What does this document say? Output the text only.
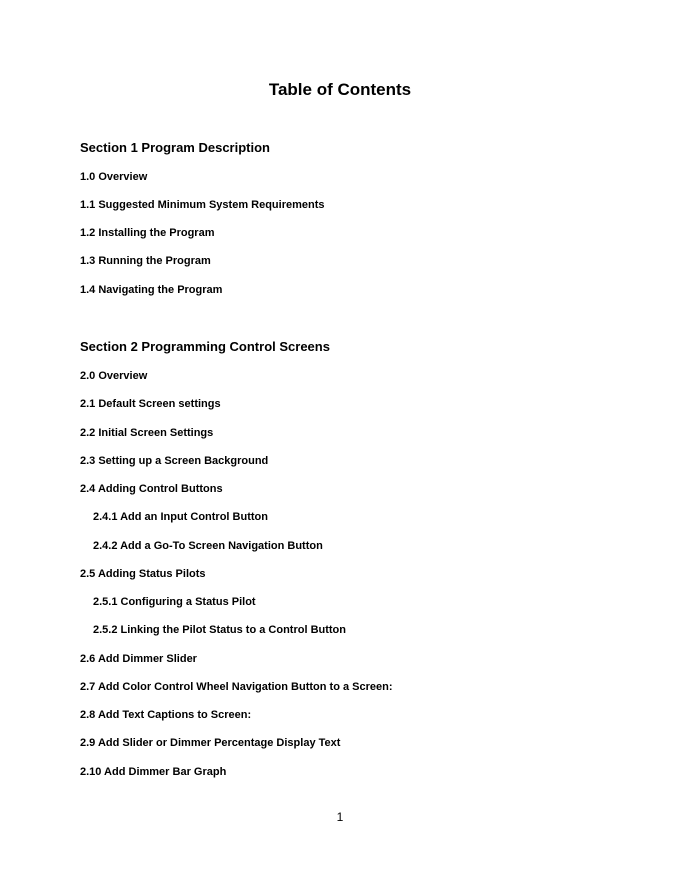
Table of Contents
Section 1 Program Description
1.0 Overview
1.1 Suggested Minimum System Requirements
1.2 Installing the Program
1.3 Running the Program
1.4 Navigating the Program
Section 2 Programming Control Screens
2.0 Overview
2.1 Default Screen settings
2.2 Initial Screen Settings
2.3 Setting up a Screen Background
2.4 Adding Control Buttons
2.4.1 Add an Input Control Button
2.4.2 Add a Go-To Screen Navigation Button
2.5 Adding Status Pilots
2.5.1 Configuring a Status Pilot
2.5.2 Linking the Pilot Status to a Control Button
2.6 Add Dimmer Slider
2.7 Add Color Control Wheel Navigation Button to a Screen:
2.8 Add Text Captions to Screen:
2.9 Add Slider or Dimmer Percentage Display Text
2.10 Add Dimmer Bar Graph
1
